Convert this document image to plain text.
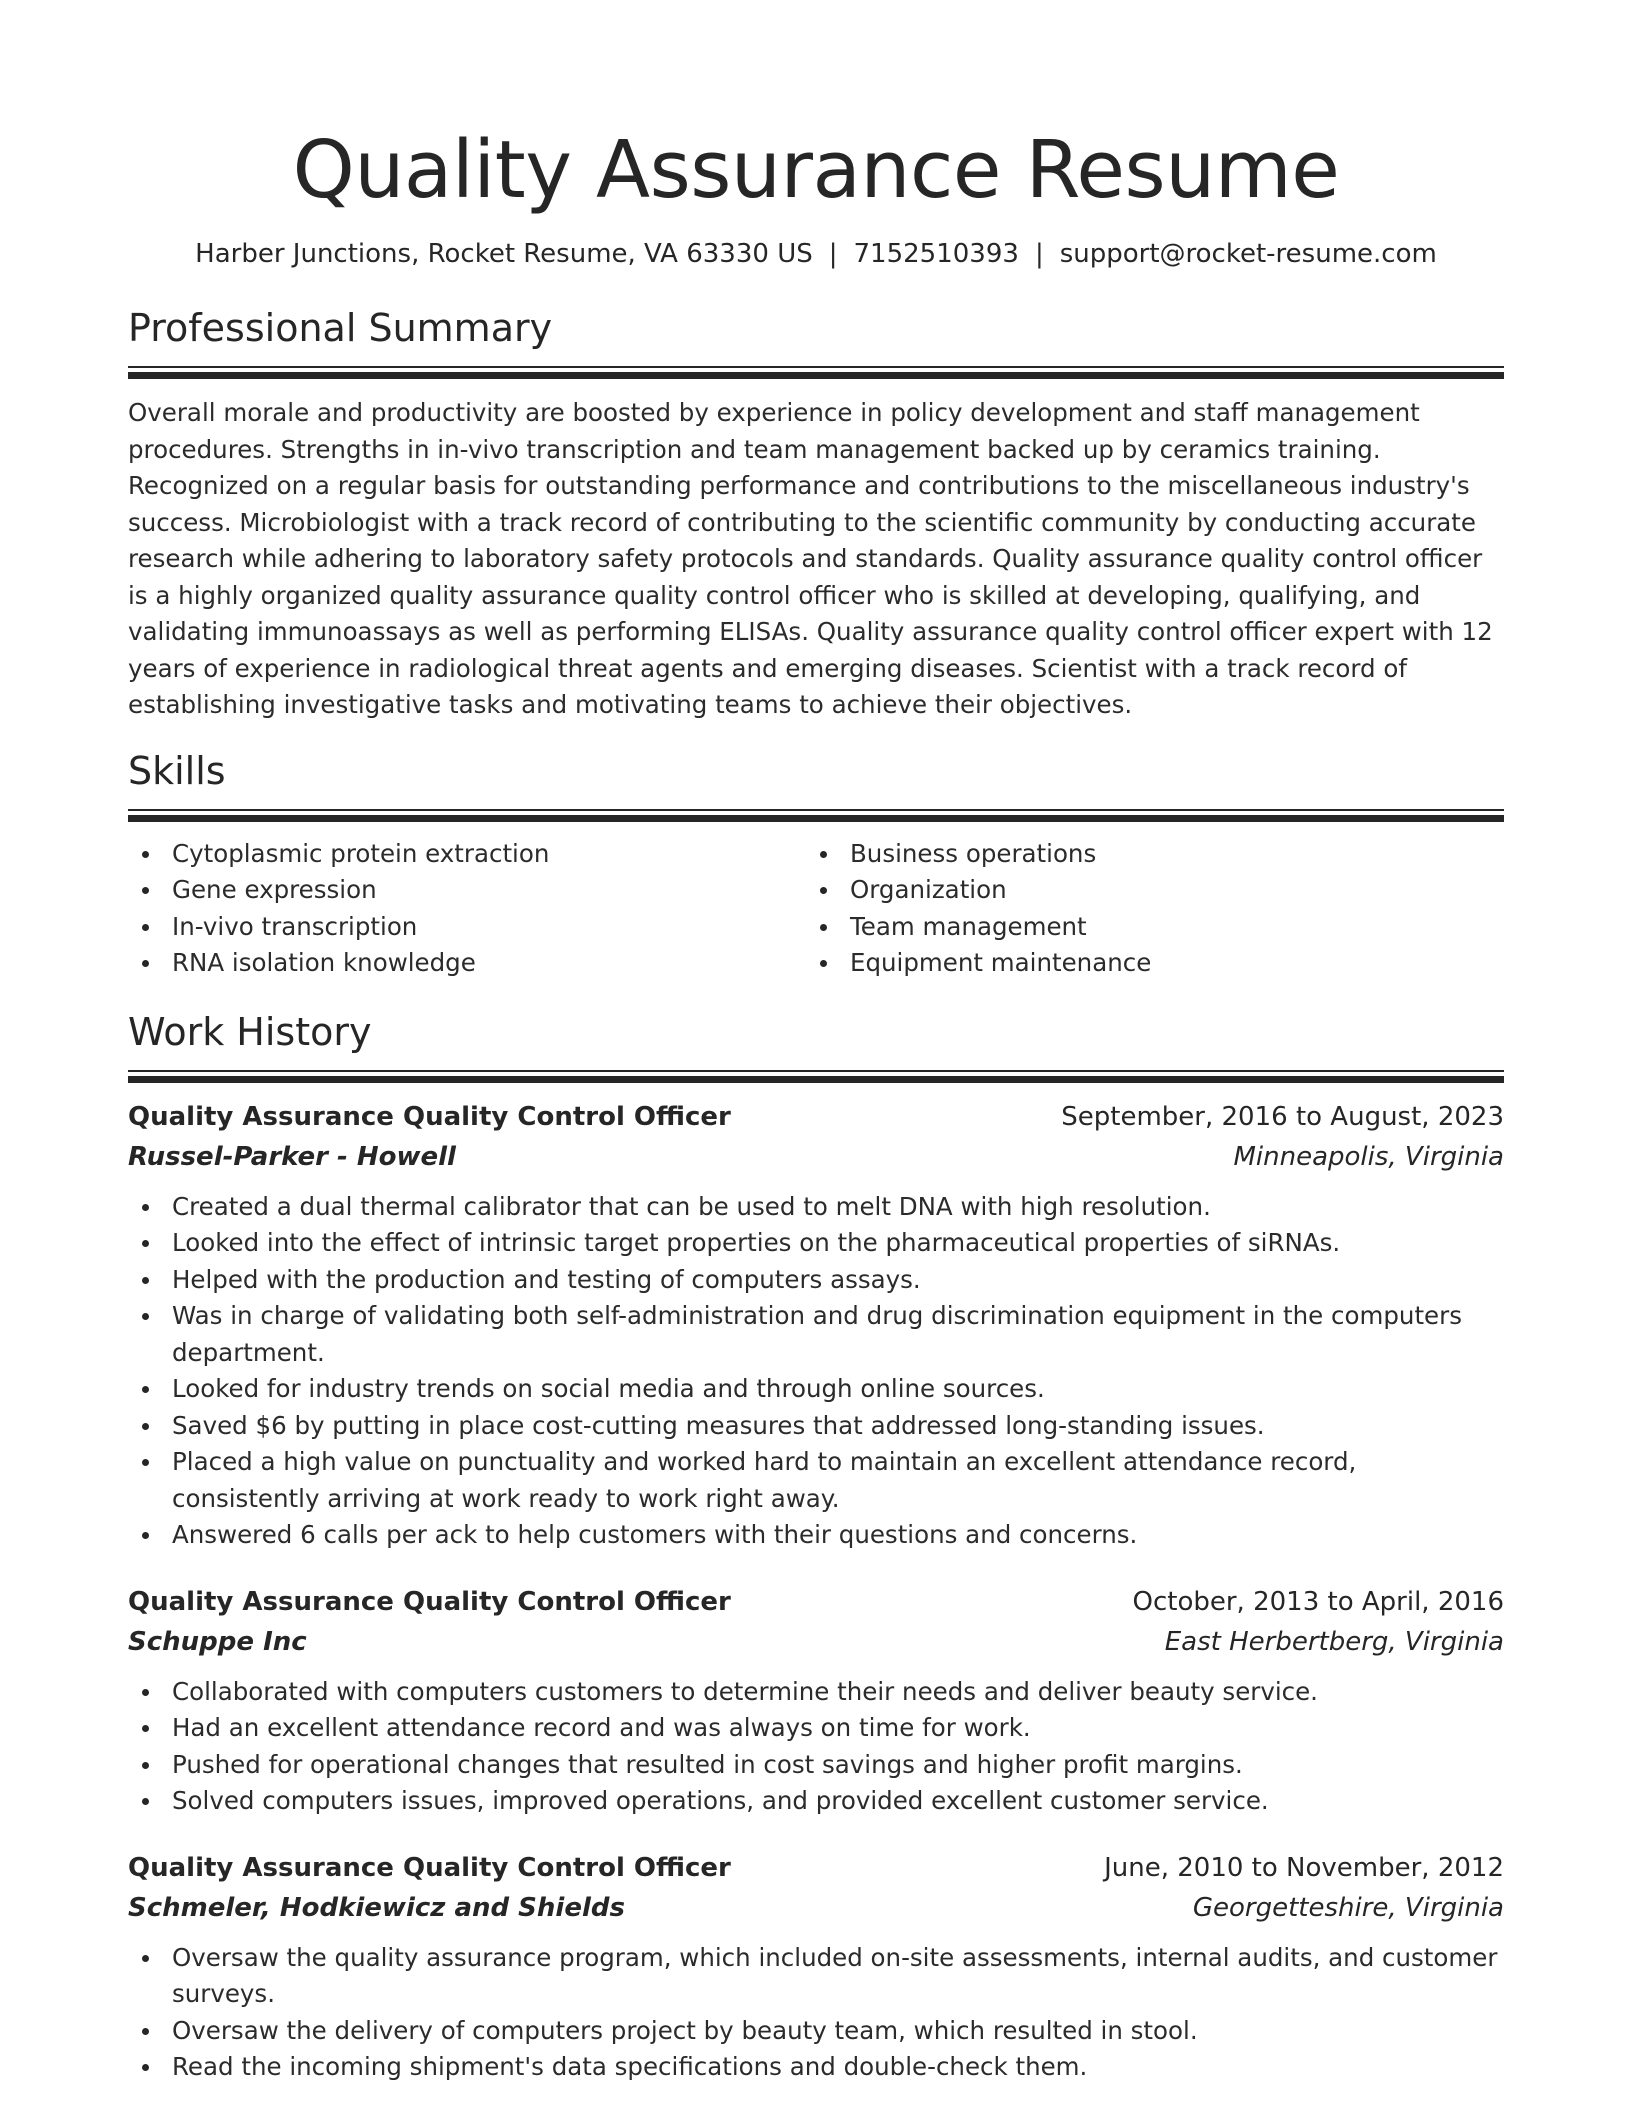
Quality Assurance Resume
Harber Junctions, Rocket Resume, VA 63330 US | 7152510393 | support@rocket-resume.com
Professional Summary

Overall morale and productivity are boosted by experience in policy development and staff management procedures. Strengths in in-vivo transcription and team management backed up by ceramics training. Recognized on a regular basis for outstanding performance and contributions to the miscellaneous industry's success. Microbiologist with a track record of contributing to the scientific community by conducting accurate research while adhering to laboratory safety protocols and standards. Quality assurance quality control officer is a highly organized quality assurance quality control officer who is skilled at developing, qualifying, and validating immunoassays as well as performing ELISAs. Quality assurance quality control officer expert with 12 years of experience in radiological threat agents and emerging diseases. Scientist with a track record of establishing investigative tasks and motivating teams to achieve their objectives.

Skills
Cytoplasmic protein extraction
Gene expression
In-vivo transcription
RNA isolation knowledge
Business operations
Organization
Team management
Equipment maintenance
Work History
Quality Assurance Quality Control Officer	September, 2016 to August, 2023
Russel-Parker - Howell	Minneapolis, Virginia
Created a dual thermal calibrator that can be used to melt DNA with high resolution.
Looked into the effect of intrinsic target properties on the pharmaceutical properties of siRNAs.
Helped with the production and testing of computers assays.
Was in charge of validating both self-administration and drug discrimination equipment in the computers department.
Looked for industry trends on social media and through online sources.
Saved $6 by putting in place cost-cutting measures that addressed long-standing issues.
Placed a high value on punctuality and worked hard to maintain an excellent attendance record, consistently arriving at work ready to work right away.
Answered 6 calls per ack to help customers with their questions and concerns.
Quality Assurance Quality Control Officer	October, 2013 to April, 2016
Schuppe Inc	East Herbertberg, Virginia
Collaborated with computers customers to determine their needs and deliver beauty service.
Had an excellent attendance record and was always on time for work.
Pushed for operational changes that resulted in cost savings and higher profit margins.
Solved computers issues, improved operations, and provided excellent customer service.
Quality Assurance Quality Control Officer	June, 2010 to November, 2012
Schmeler, Hodkiewicz and Shields	Georgetteshire, Virginia
Oversaw the quality assurance program, which included on-site assessments, internal audits, and customer surveys.
Oversaw the delivery of computers project by beauty team, which resulted in stool.
Read the incoming shipment's data specifications and double-check them.
